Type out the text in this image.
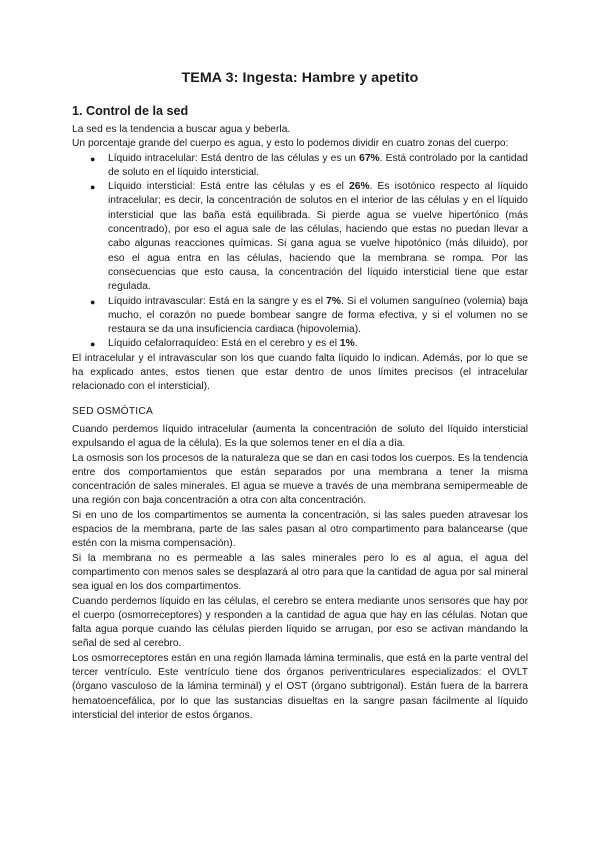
TEMA 3: Ingesta: Hambre y apetito
1. Control de la sed

La sed es la tendencia a buscar agua y beberla.

Un porcentaje grande del cuerpo es agua, y esto lo podemos dividir en cuatro zonas del cuerpo:

● Líquido intracelular: Está dentro de las células y es un 67%. Está controlado por la cantidad de soluto en el líquido intersticial.
● Líquido intersticial: Está entre las células y es el 26%. Es isotónico respecto al líquido intracelular; es decir, la concentración de solutos en el interior de las células y en el líquido intersticial que las baña está equilibrada. Si pierde agua se vuelve hipertónico (más concentrado), por eso el agua sale de las células, haciendo que estas no puedan llevar a cabo algunas reacciones químicas. Si gana agua se vuelve hipotónico (más diluido), por eso el agua entra en las células, haciendo que la membrana se rompa. Por las consecuencias que esto causa, la concentración del líquido intersticial tiene que estar regulada.
● Líquido intravascular: Está en la sangre y es el 7%. Si el volumen sanguíneo (volemia) baja mucho, el corazón no puede bombear sangre de forma efectiva, y si el volumen no se restaura se da una insuficiencia cardiaca (hipovolemia).
● Líquido cefalorraquídeo: Está en el cerebro y es el 1%.

El intracelular y el intravascular son los que cuando falta líquido lo indican. Además, por lo que se ha explicado antes, estos tienen que estar dentro de unos límites precisos (el intracelular relacionado con el intersticial).

SED OSMÓTICA

Cuando perdemos líquido intracelular (aumenta la concentración de soluto del líquido intersticial expulsando el agua de la célula). Es la que solemos tener en el día a día.

La osmosis son los procesos de la naturaleza que se dan en casi todos los cuerpos. Es la tendencia entre dos comportamientos que están separados por una membrana a tener la misma concentración de sales minerales. El agua se mueve a través de una membrana semipermeable de una región con baja concentración a otra con alta concentración.

Si en uno de los compartimentos se aumenta la concentración, si las sales pueden atravesar los espacios de la membrana, parte de las sales pasan al otro compartimento para balancearse (que estén con la misma compensación).

Si la membrana no es permeable a las sales minerales pero lo es al agua, el agua del compartimento con menos sales se desplazará al otro para que la cantidad de agua por sal mineral sea igual en los dos compartimentos.

Cuando perdemos líquido en las células, el cerebro se entera mediante unos sensores que hay por el cuerpo (osmorreceptores) y responden a la cantidad de agua que hay en las células. Notan que falta agua porque cuando las células pierden líquido se arrugan, por eso se activan mandando la señal de sed al cerebro.

Los osmorreceptores están en una región llamada lámina terminalis, que está en la parte ventral del tercer ventrículo. Este ventrículo tiene dos órganos periventriculares especializados: el OVLT (órgano vasculoso de la lámina terminal) y el OST (órgano subtrigonal). Están fuera de la barrera hematoencefálica, por lo que las sustancias disueltas en la sangre pasan fácilmente al líquido intersticial del interior de estos órganos.
